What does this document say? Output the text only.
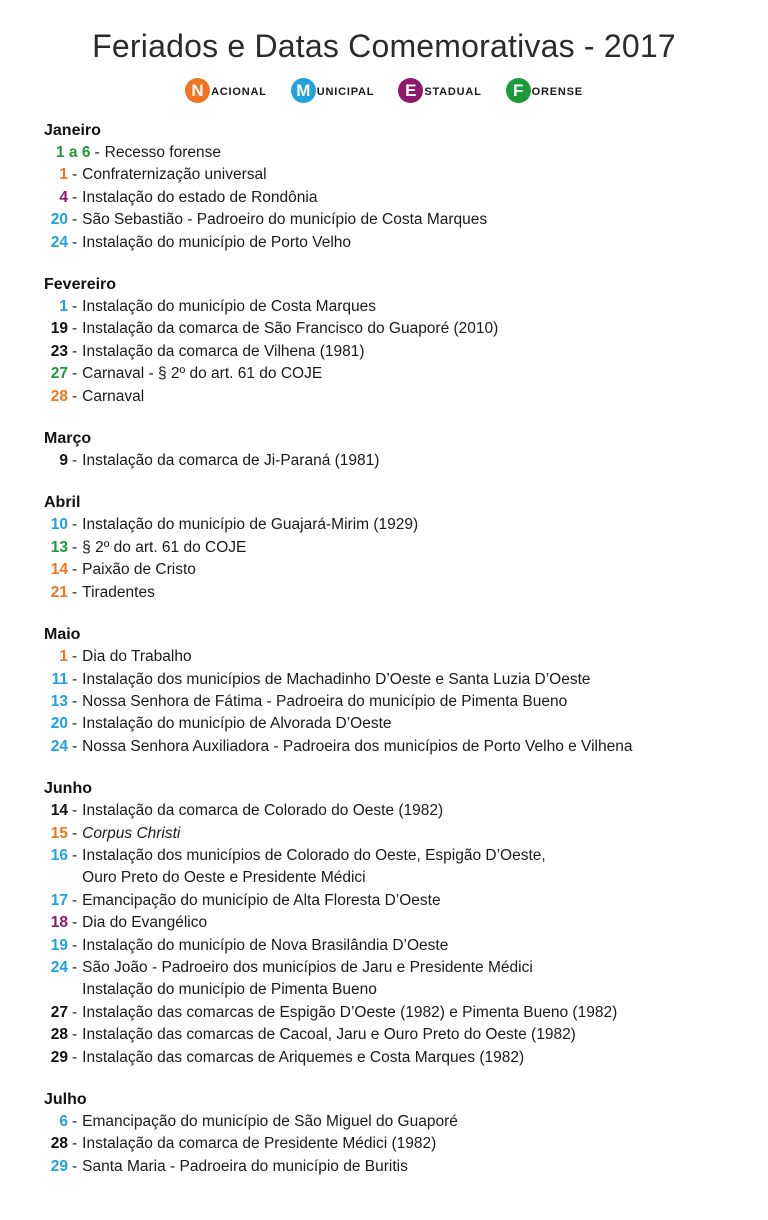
Feriados e Datas Comemorativas - 2017
N acional	M unicipal	E stadual	F orense
Janeiro
1 a 6 - Recesso forense
1 - Confraternização universal
4 - Instalação do estado de Rondônia
20 - São Sebastião - Padroeiro do município de Costa Marques
24 - Instalação do município de Porto Velho
Fevereiro
1 - Instalação do município de Costa Marques
19 - Instalação da comarca de São Francisco do Guaporé (2010)
23 - Instalação da comarca de Vilhena (1981)
27 - Carnaval - § 2º do art. 61 do COJE
28 - Carnaval
Março
9 - Instalação da comarca de Ji-Paraná (1981)
Abril
10 - Instalação do município de Guajará-Mirim (1929)
13 - § 2º do art. 61 do COJE
14 - Paixão de Cristo
21 - Tiradentes
Maio
1 - Dia do Trabalho
11 - Instalação dos municípios de Machadinho D’Oeste e Santa Luzia D’Oeste
13 - Nossa Senhora de Fátima - Padroeira do município de Pimenta Bueno
20 - Instalação do município de Alvorada D’Oeste
24 - Nossa Senhora Auxiliadora - Padroeira dos municípios de Porto Velho e Vilhena
Junho
14 - Instalação da comarca de Colorado do Oeste (1982)
15 - Corpus Christi
16 - Instalação dos municípios de Colorado do Oeste, Espigão D’Oeste,

Ouro Preto do Oeste e Presidente Médici
17 - Emancipação do município de Alta Floresta D’Oeste
18 - Dia do Evangélico
19 - Instalação do município de Nova Brasilândia D’Oeste
24 - São João - Padroeiro dos municípios de Jaru e Presidente Médici

Instalação do município de Pimenta Bueno
27 - Instalação das comarcas de Espigão D’Oeste (1982) e Pimenta Bueno (1982)
28 - Instalação das comarcas de Cacoal, Jaru e Ouro Preto do Oeste (1982)
29 - Instalação das comarcas de Ariquemes e Costa Marques (1982)
Julho
6 - Emancipação do município de São Miguel do Guaporé
28 - Instalação da comarca de Presidente Médici (1982)
29 - Santa Maria - Padroeira do município de Buritis
